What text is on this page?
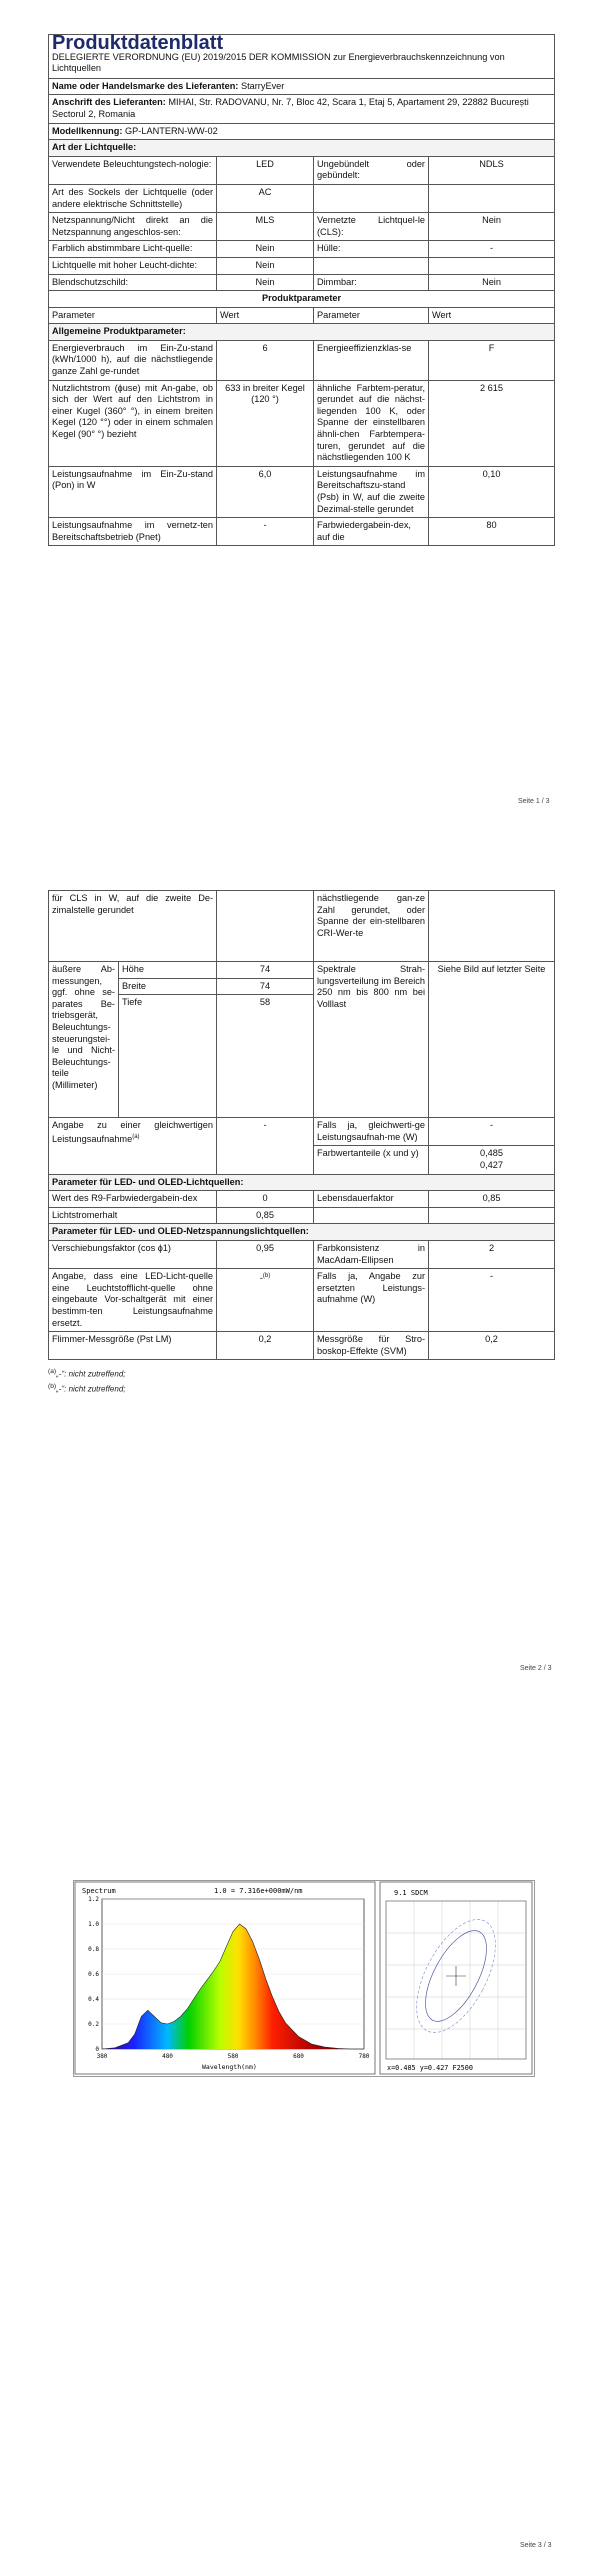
Produktdatenblatt
DELEGIERTE VERORDNUNG (EU) 2019/2015 DER KOMMISSION zur Energieverbrauchskennzeichnung von Lichtquellen			

Name oder Handelsmarke des Lieferanten: StarryEver			
Anschrift des Lieferanten: MIHAI, Str. RADOVANU, Nr. 7, Bloc 42, Scara 1, Etaj 5, Apartament 29, 22882 București Sectorul 2, Romania			
Modellkennung: GP-LANTERN-WW-02			
Art der Lichtquelle:			
Verwendete Beleuchtungstech-nologie:	LED	Ungebündelt oder gebündelt:	NDLS
Art des Sockels der Lichtquelle (oder andere elektrische Schnittstelle)	AC		
Netzspannung/Nicht direkt an die Netzspannung angeschlos-sen:	MLS	Vernetzte Lichtquel-le (CLS):	Nein
Farblich abstimmbare Licht-quelle:	Nein	Hülle:	-
Lichtquelle mit hoher Leucht-dichte:	Nein		
Blendschutzschild:	Nein	Dimmbar:	Nein
Produktparameter			
Parameter	Wert	Parameter	Wert
Allgemeine Produktparameter:			
Energieverbrauch im Ein-Zu-stand (kWh/1000 h), auf die nächstliegende ganze Zahl ge-rundet	6	Energieeffizienzklas-se	F
Nutzlichtstrom (ɸuse) mit An-gabe, ob sich der Wert auf den Lichtstrom in einer Kugel (360° °), in einem breiten Kegel (120 °°) oder in einem schmalen Kegel (90° °) bezieht	633 in breiter Kegel (120 °)	ähnliche Farbtem-peratur, gerundet auf die nächst-liegenden 100 K, oder Spanne der einstellbaren ähnli-chen Farbtempera-turen, gerundet auf die nächstliegenden 100 K	2 615
Leistungsaufnahme im Ein-Zu-stand (Pon) in W	6,0	Leistungsaufnahme im Bereitschaftszu-stand (Psb) in W, auf die zweite Dezimal-stelle gerundet	0,10
Leistungsaufnahme im vernetz-ten Bereitschaftsbetrieb (Pnet)	-	Farbwiedergabein-dex, auf die	80
Seite 1 / 3
für CLS in W, auf die zweite De-zimalstelle gerundet			nächstliegende gan-ze Zahl gerundet, oder Spanne der ein-stellbaren CRI-Wer-te	
äußere Ab-messungen, ggf. ohne se-parates Be-triebsgerät, Beleuchtungs-steuerungstei-le und Nicht-Beleuchtungs-teile (Millimeter)	Höhe	74	Spektrale Strah-lungsverteilung im Bereich 250 nm bis 800 nm bei Volllast	Siehe Bild auf letzter Seite
	Breite	74		
	Tiefe	58		
Angabe zu einer gleichwertigen Leistungsaufnahme$^{(a)}$		-	Falls ja, gleichwerti-ge Leistungsaufnah-me (W)	-
			Farbwertanteile (x und y)	0,485
0,427

Parameter für LED- und OLED-Lichtquellen:				
Wert des R9-Farbwiedergabein-dex		0	Lebensdauerfaktor	0,85
Lichtstromerhalt		0,85		
Parameter für LED- und OLED-Netzspannungslichtquellen:				
Verschiebungsfaktor (cos ɸ1)		0,95	Farbkonsistenz in MacAdam-Ellipsen	2
Angabe, dass eine LED-Licht-quelle eine Leuchtstofflicht-quelle ohne eingebaute Vor-schaltgerät mit einer bestimm-ten Leistungsaufnahme ersetzt.		-$^{(b)}$	Falls ja, Angabe zur ersetzten Leistungs-aufnahme (W)	-
Flimmer-Messgröße (Pst LM)		0,2	Messgröße für Stro-boskop-Effekte (SVM)	0,2
$^{(a)}$„-“: nicht zutreffend;
$^{(b)}$„-“: nicht zutreffend;
Seite 2 / 3
Seite 3 / 3
Spectrum	1.0 = 7.316e+000mW/nm
0
0.2
0.4
0.6
0.8
1.0
1.2
380	480	580	680	780
Wavelength(nm)
9.1 SDCM
x=0.485 y=0.427 F2500
